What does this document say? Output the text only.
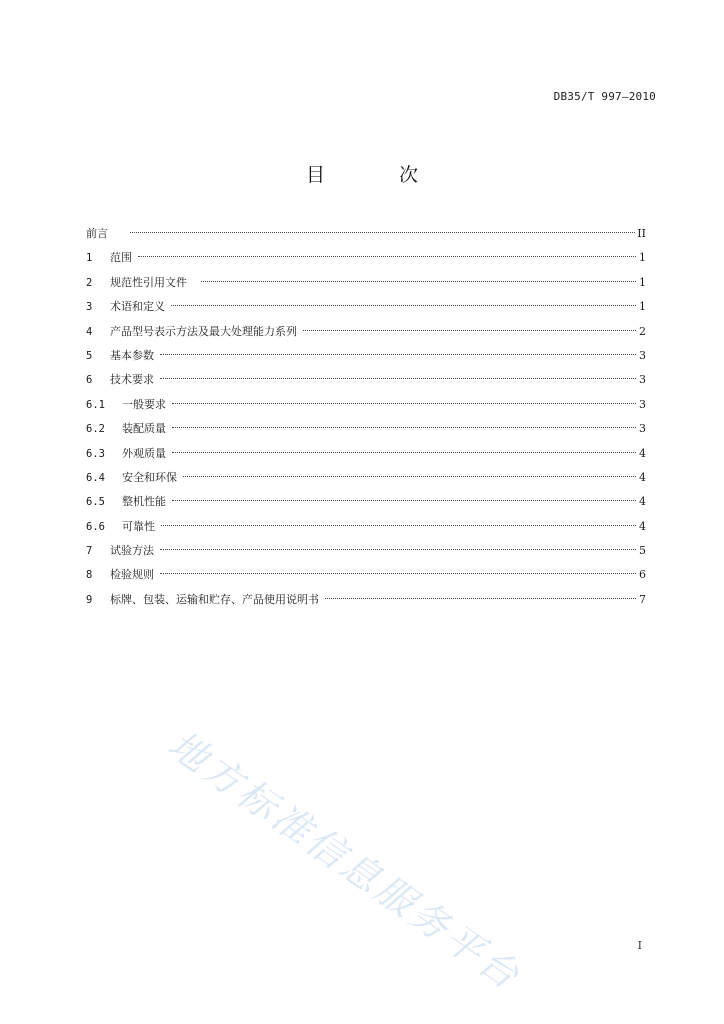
DB35/T 997—2010
目 次
前言	II
1	范围	1
2	规范性引用文件	1
3	术语和定义	1
4	产品型号表示方法及最大处理能力系列	2
5	基本参数	3
6	技术要求	3
6.1	一般要求	3
6.2	装配质量	3
6.3	外观质量	4
6.4	安全和环保	4
6.5	整机性能	4
6.6	可靠性	4
7	试验方法	5
8	检验规则	6
9	标牌、包装、运输和贮存、产品使用说明书	7
地方标准信息服务平台	I
